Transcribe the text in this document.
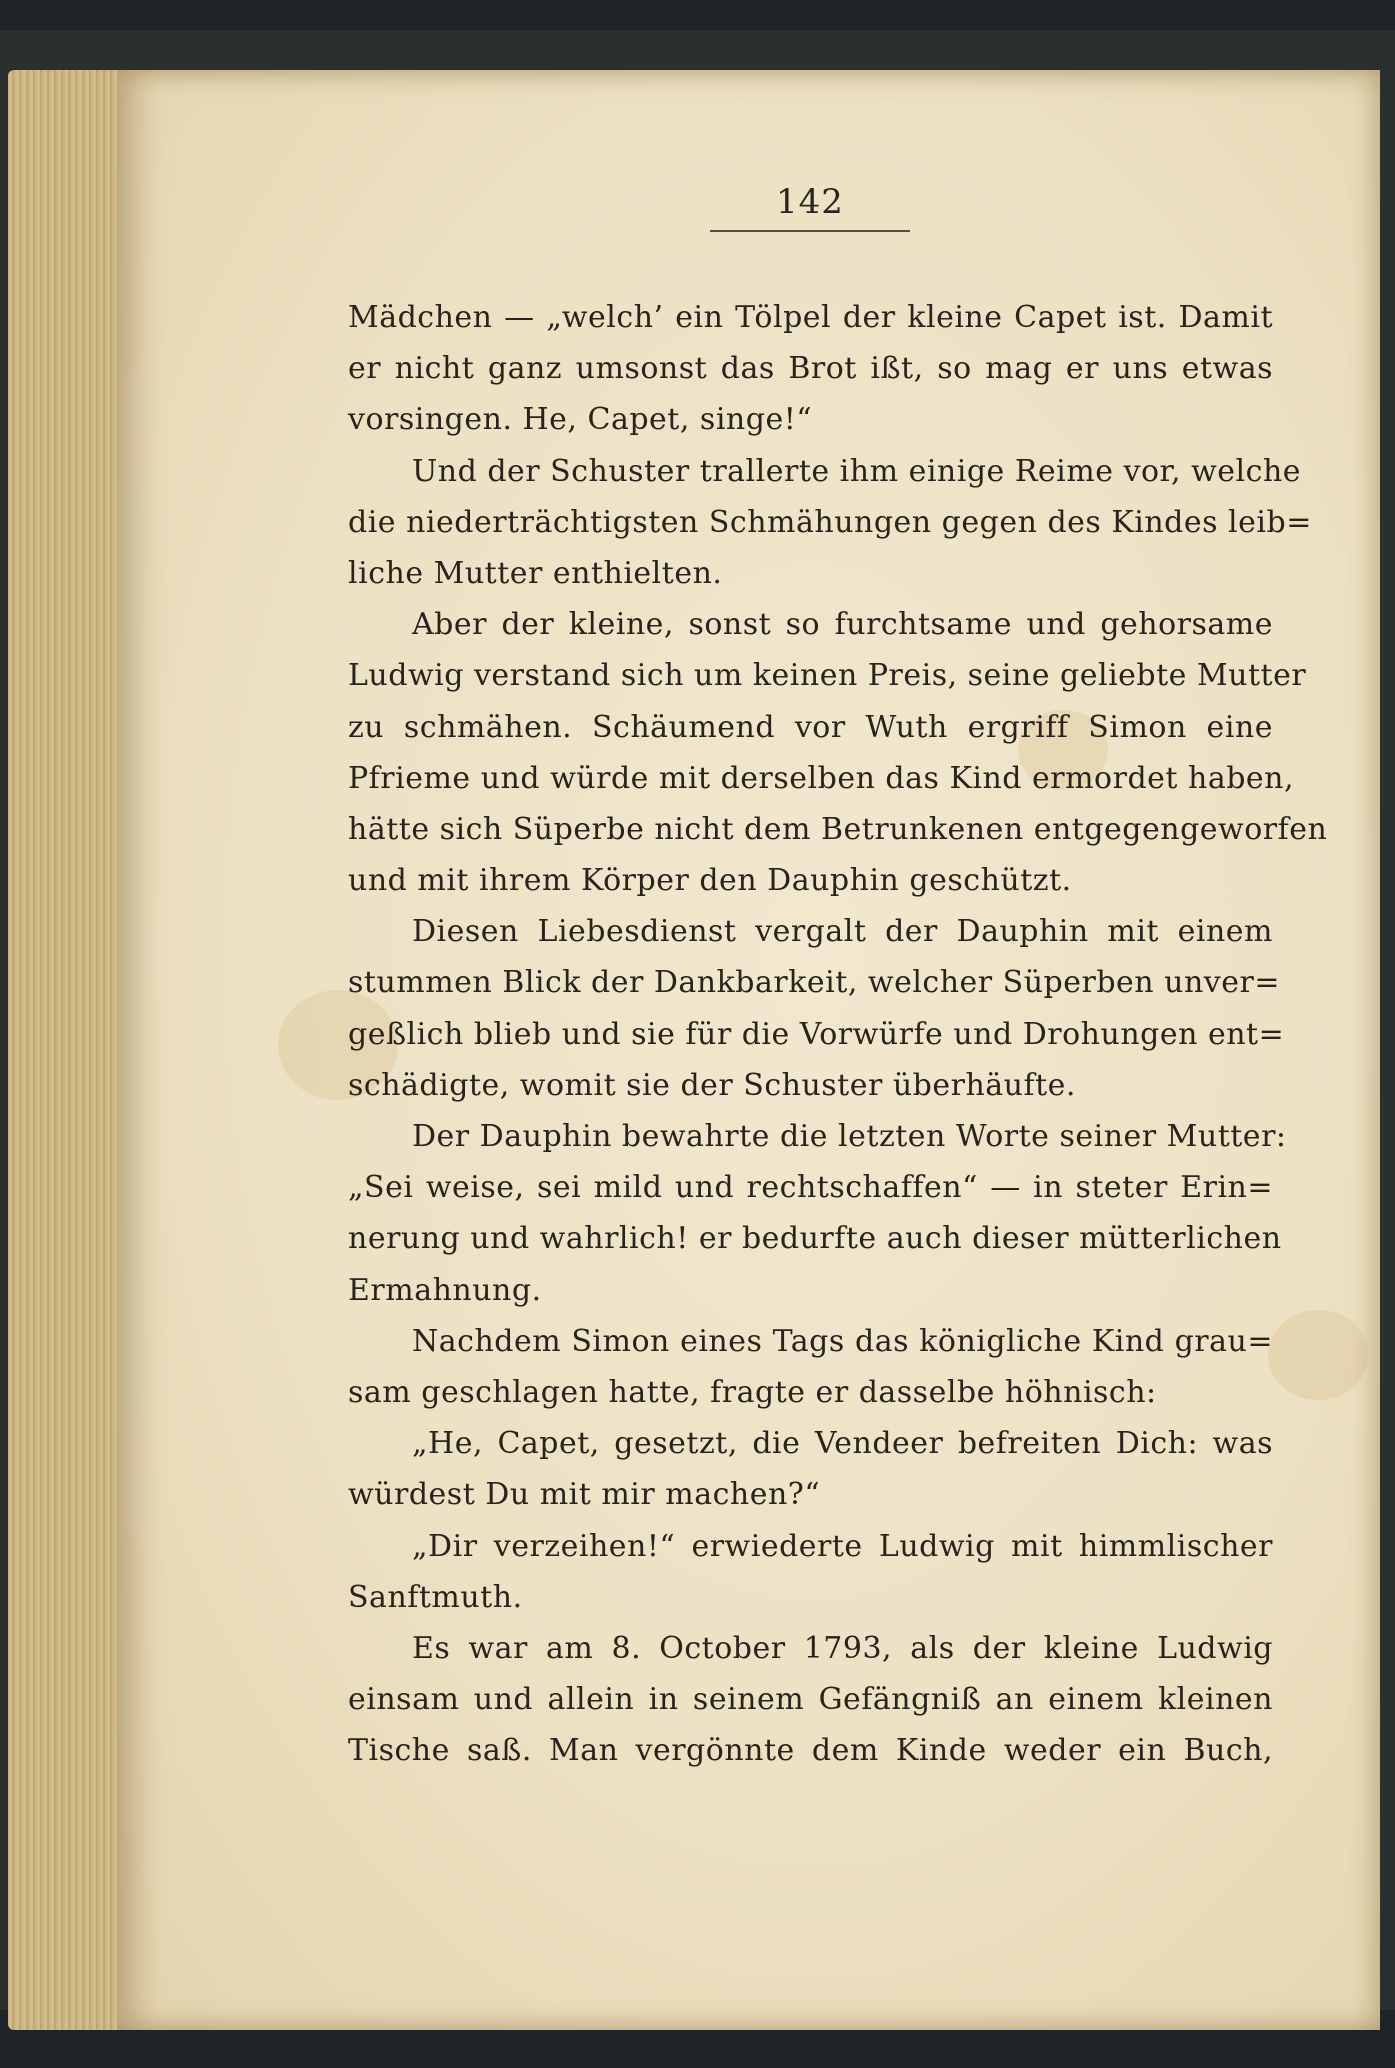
142
Mädchen — „welch’ ein Tölpel der kleine Capet ist. Damit
er nicht ganz umsonst das Brot ißt, so mag er uns etwas
vorsingen. He, Capet, singe!“
Und der Schuster trallerte ihm einige Reime vor, welche
die niederträchtigsten Schmähungen gegen des Kindes leib=
liche Mutter enthielten.
Aber der kleine, sonst so furchtsame und gehorsame
Ludwig verstand sich um keinen Preis, seine geliebte Mutter
zu schmähen. Schäumend vor Wuth ergriff Simon eine
Pfrieme und würde mit derselben das Kind ermordet haben,
hätte sich Süperbe nicht dem Betrunkenen entgegengeworfen
und mit ihrem Körper den Dauphin geschützt.
Diesen Liebesdienst vergalt der Dauphin mit einem
stummen Blick der Dankbarkeit, welcher Süperben unver=
geßlich blieb und sie für die Vorwürfe und Drohungen ent=
schädigte, womit sie der Schuster überhäufte.
Der Dauphin bewahrte die letzten Worte seiner Mutter:
„Sei weise, sei mild und rechtschaffen“ — in steter Erin=
nerung und wahrlich! er bedurfte auch dieser mütterlichen
Ermahnung.
Nachdem Simon eines Tags das königliche Kind grau=
sam geschlagen hatte, fragte er dasselbe höhnisch:
„He, Capet, gesetzt, die Vendeer befreiten Dich: was
würdest Du mit mir machen?“
„Dir verzeihen!“ erwiederte Ludwig mit himmlischer
Sanftmuth.
Es war am 8. October 1793, als der kleine Ludwig
einsam und allein in seinem Gefängniß an einem kleinen
Tische saß. Man vergönnte dem Kinde weder ein Buch,
